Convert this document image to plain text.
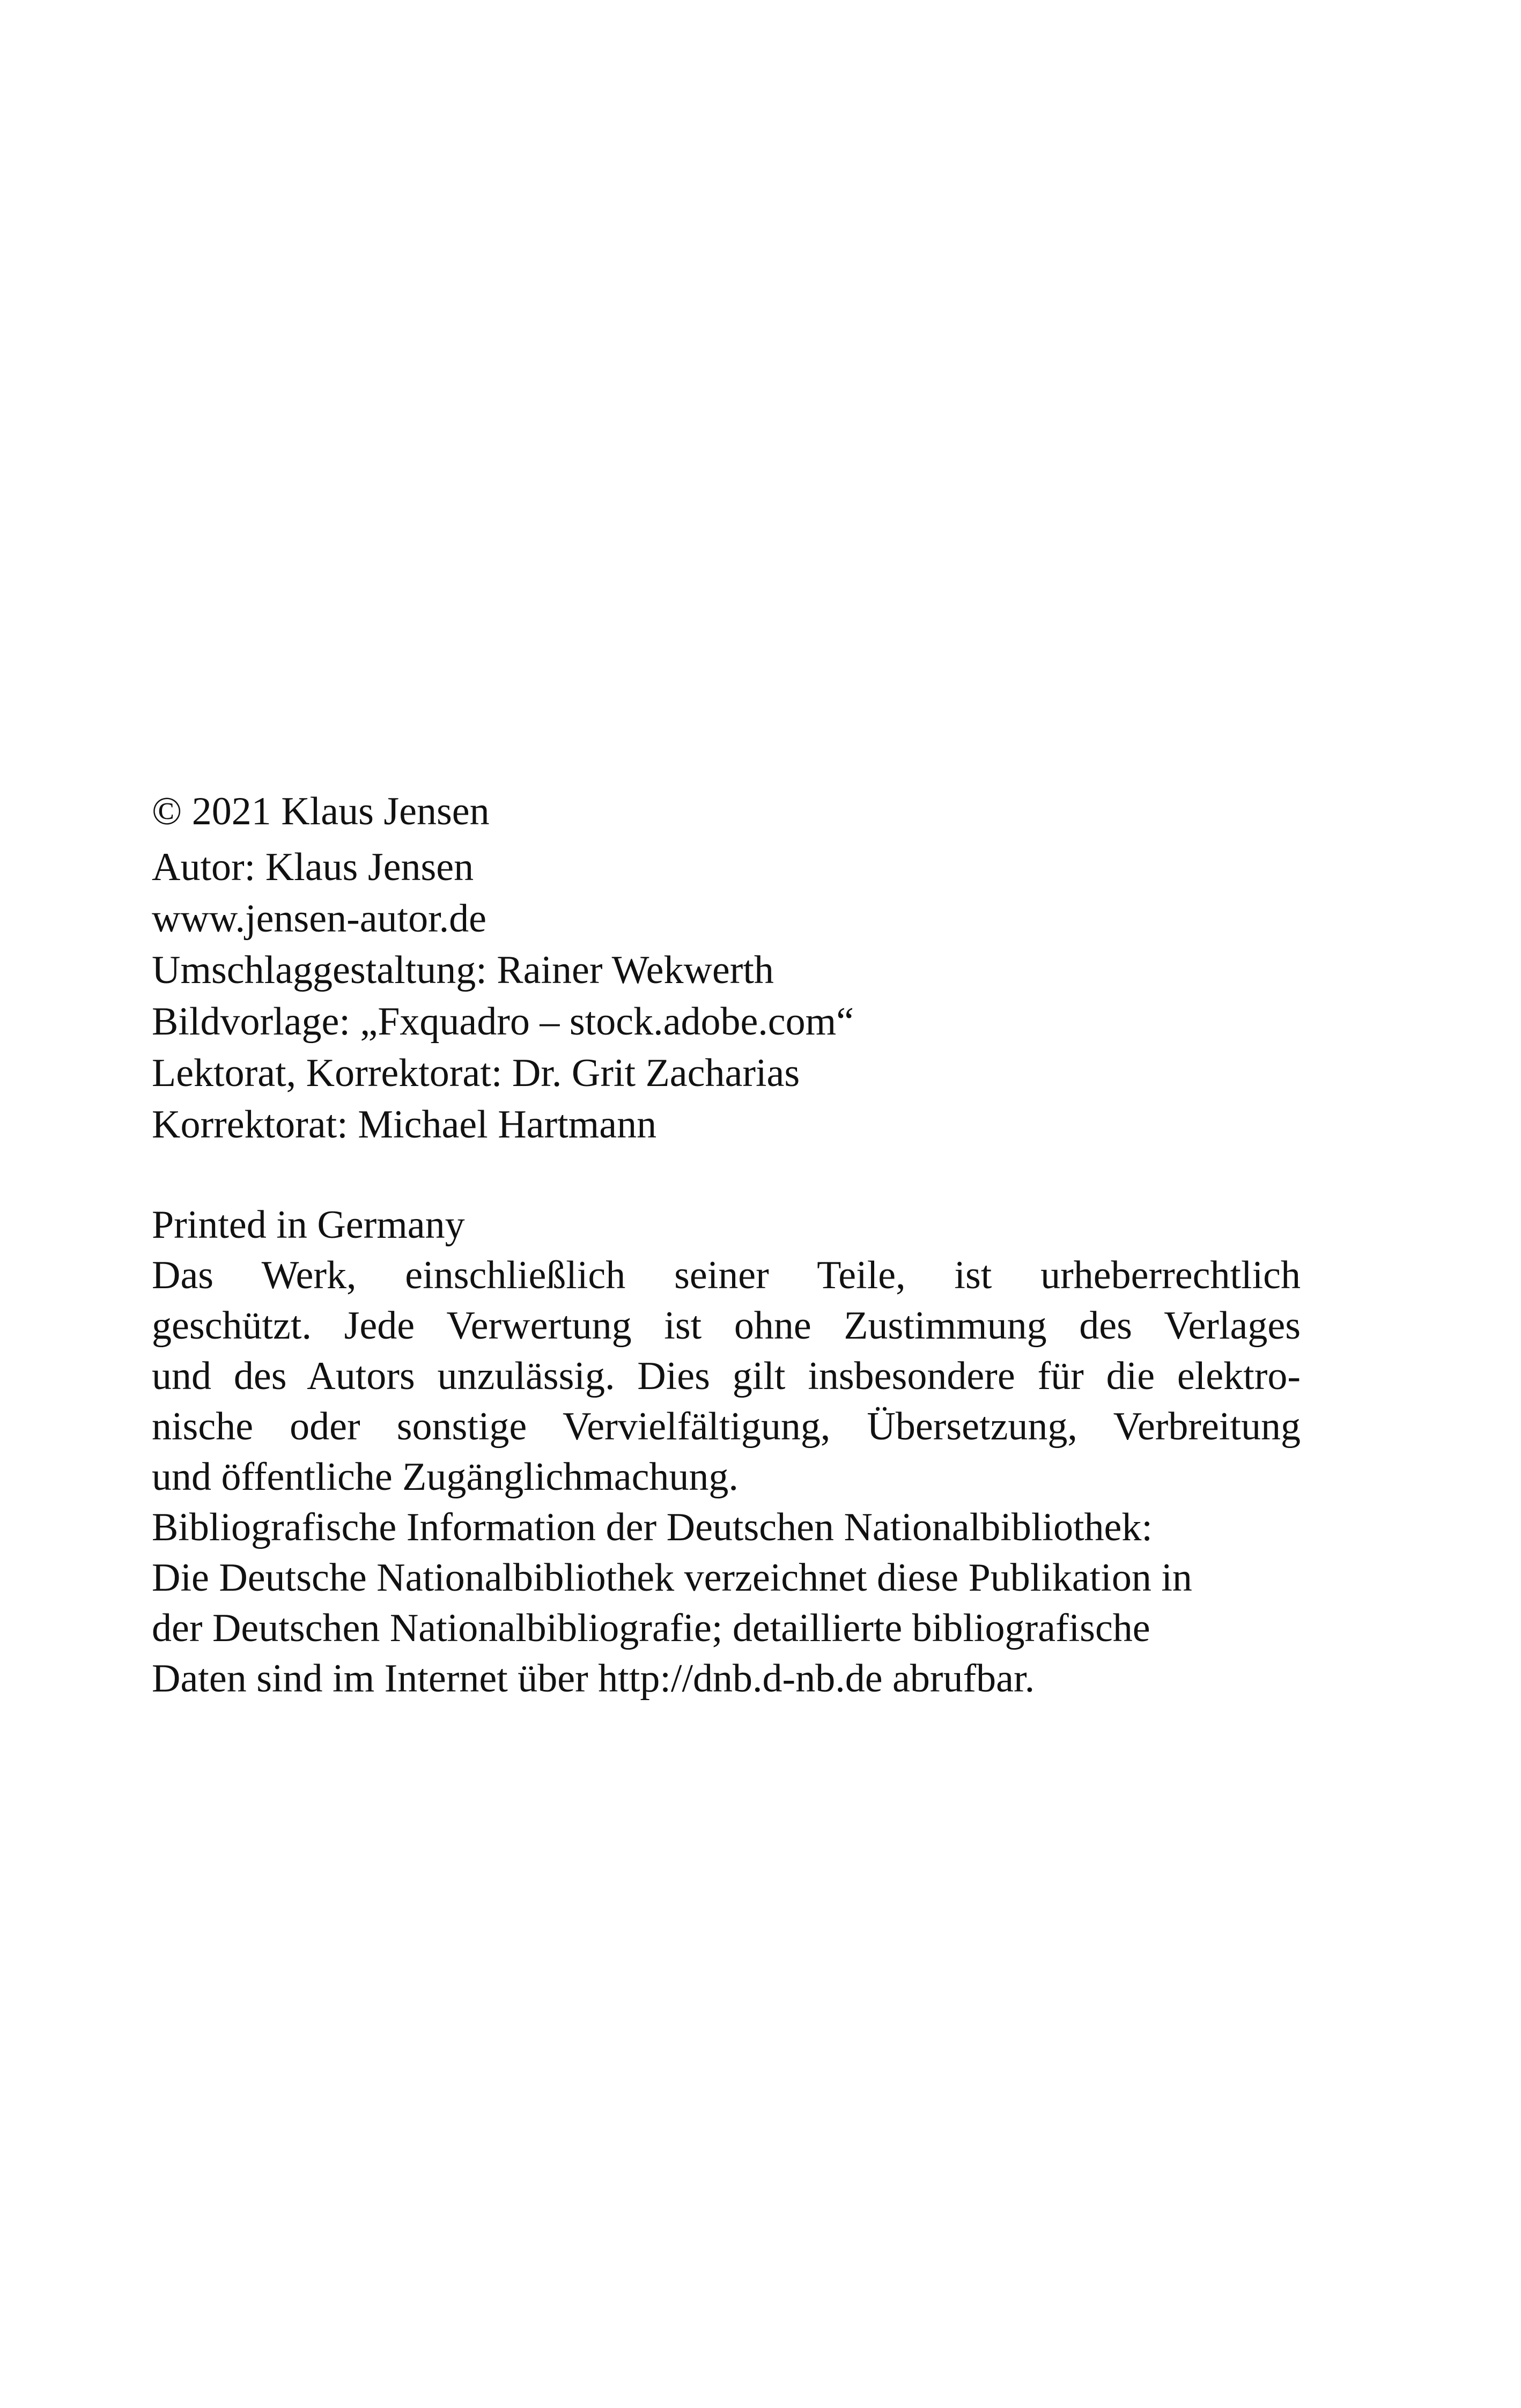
© 2021 Klaus Jensen
Autor: Klaus Jensen
www.jensen-autor.de
Umschlaggestaltung: Rainer Wekwerth
Bildvorlage: „Fxquadro – stock.adobe.com“
Lektorat, Korrektorat: Dr. Grit Zacharias
Korrektorat: Michael Hartmann
Printed in Germany
Das Werk, einschließlich seiner Teile, ist urheberrechtlich
geschützt. Jede Verwertung ist ohne Zustimmung des Verlages
und des Autors unzulässig. Dies gilt insbesondere für die elektro-
nische oder sonstige Vervielfältigung, Übersetzung, Verbreitung
und öffentliche Zugänglichmachung.
Bibliografische Information der Deutschen Nationalbibliothek:
Die Deutsche Nationalbibliothek verzeichnet diese Publikation in
der Deutschen Nationalbibliografie; detaillierte bibliografische
Daten sind im Internet über http://dnb.d-nb.de abrufbar.
